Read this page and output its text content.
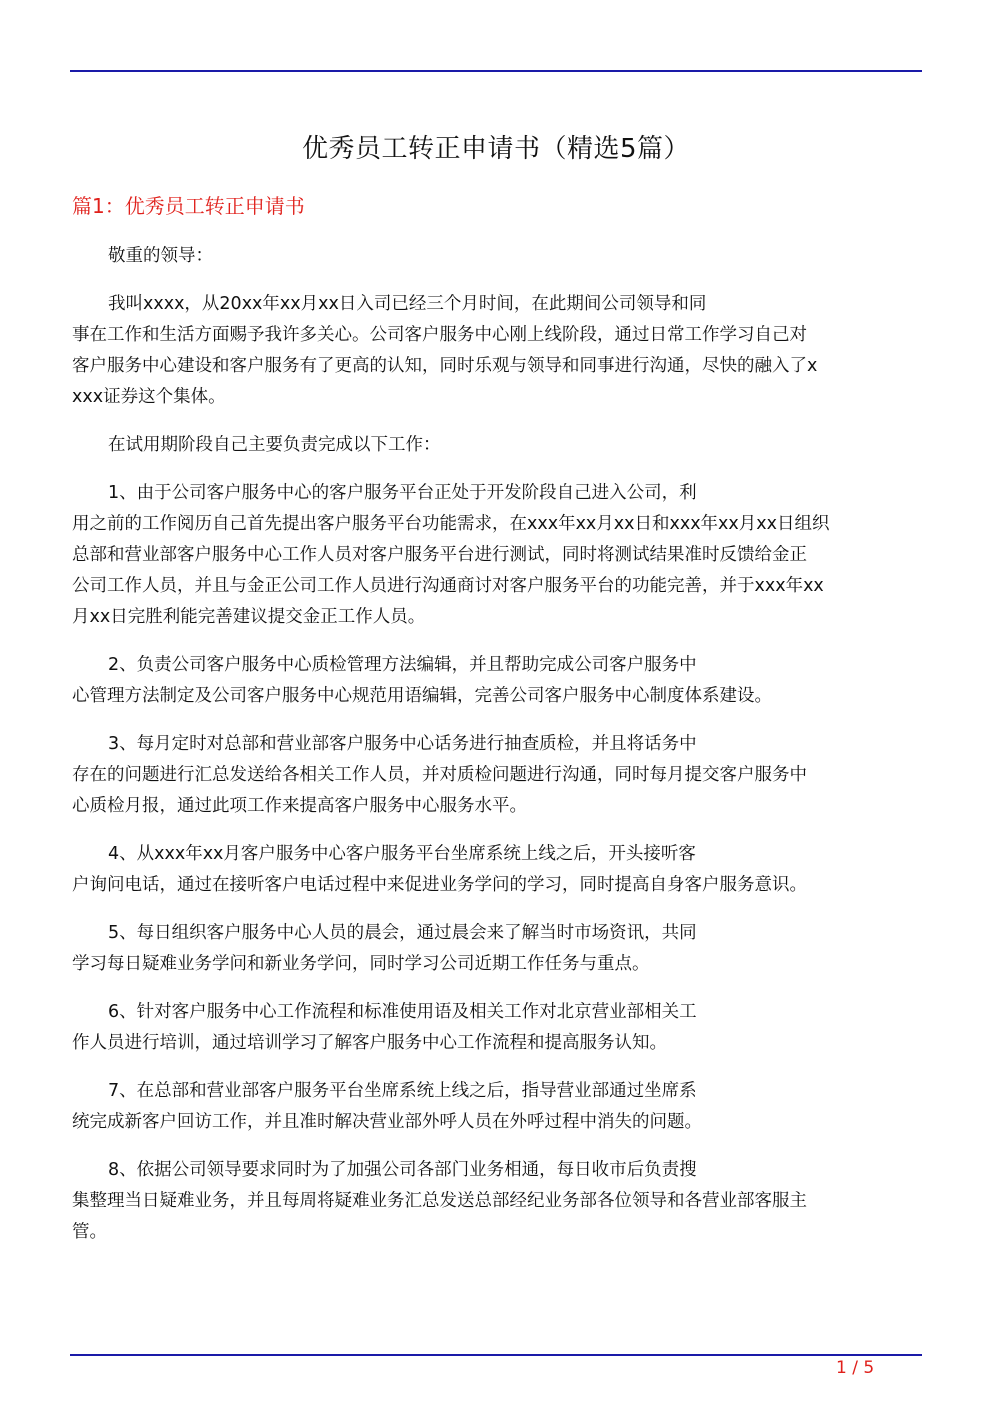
优秀员工转正申请书（精选5篇）
篇1：优秀员工转正申请书
敬重的领导：
我叫xxxx，从20xx年xx月xx日入司已经三个月时间，在此期间公司领导和同
事在工作和生活方面赐予我许多关心。公司客户服务中心刚上线阶段，通过日常工作学习自己对
客户服务中心建设和客户服务有了更高的认知，同时乐观与领导和同事进行沟通，尽快的融入了x
xxx证券这个集体。
在试用期阶段自己主要负责完成以下工作：
1、由于公司客户服务中心的客户服务平台正处于开发阶段自己进入公司，利
用之前的工作阅历自己首先提出客户服务平台功能需求，在xxx年xx月xx日和xxx年xx月xx日组织
总部和营业部客户服务中心工作人员对客户服务平台进行测试，同时将测试结果准时反馈给金正
公司工作人员，并且与金正公司工作人员进行沟通商讨对客户服务平台的功能完善，并于xxx年xx
月xx日完胜利能完善建议提交金正工作人员。
2、负责公司客户服务中心质检管理方法编辑，并且帮助完成公司客户服务中
心管理方法制定及公司客户服务中心规范用语编辑，完善公司客户服务中心制度体系建设。
3、每月定时对总部和营业部客户服务中心话务进行抽查质检，并且将话务中
存在的问题进行汇总发送给各相关工作人员，并对质检问题进行沟通，同时每月提交客户服务中
心质检月报，通过此项工作来提高客户服务中心服务水平。
4、从xxx年xx月客户服务中心客户服务平台坐席系统上线之后，开头接听客
户询问电话，通过在接听客户电话过程中来促进业务学问的学习，同时提高自身客户服务意识。
5、每日组织客户服务中心人员的晨会，通过晨会来了解当时市场资讯，共同
学习每日疑难业务学问和新业务学问，同时学习公司近期工作任务与重点。
6、针对客户服务中心工作流程和标准使用语及相关工作对北京营业部相关工
作人员进行培训，通过培训学习了解客户服务中心工作流程和提高服务认知。
7、在总部和营业部客户服务平台坐席系统上线之后，指导营业部通过坐席系
统完成新客户回访工作，并且准时解决营业部外呼人员在外呼过程中消失的问题。
8、依据公司领导要求同时为了加强公司各部门业务相通，每日收市后负责搜
集整理当日疑难业务，并且每周将疑难业务汇总发送总部经纪业务部各位领导和各营业部客服主
管。
1 / 5
